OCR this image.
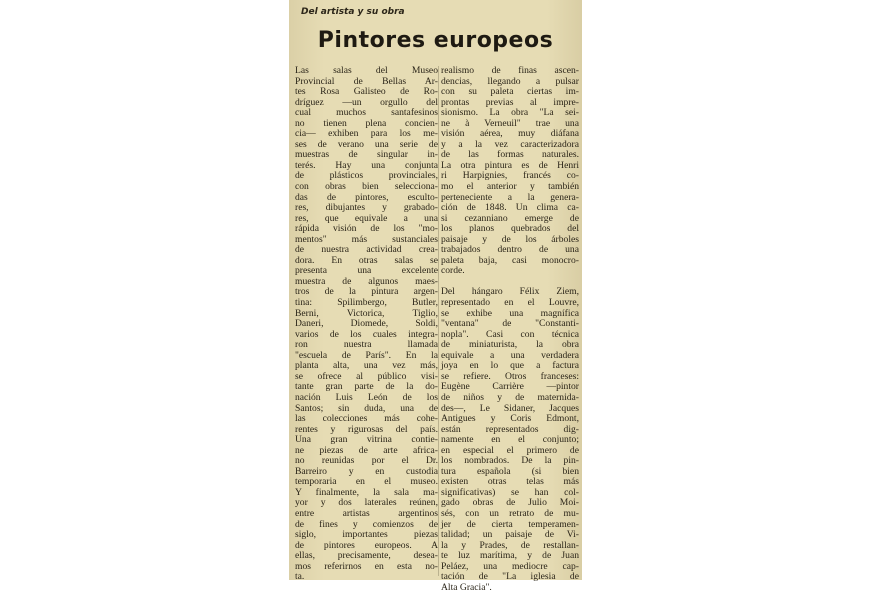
Del artista y su obra
Pintores europeos
Las salas del Museo
Provincial de Bellas Ar-
tes Rosa Galisteo de Ro-
dríguez —un orgullo del
cual muchos santafesinos
no tienen plena concien-
cia— exhiben para los me-
ses de verano una serie de
muestras de singular in-
terés. Hay una conjunta
de plásticos provinciales,
con obras bien selecciona-
das de pintores, esculto-
res, dibujantes y grabado-
res, que equivale a una
rápida visión de los "mo-
mentos" más sustanciales
de nuestra actividad crea-
dora. En otras salas se
presenta una excelente
muestra de algunos maes-
tros de la pintura argen-
tina: Spilimbergo, Butler,
Berni, Victorica, Tiglio,
Daneri, Diomede, Soldi,
varios de los cuales integra-
ron nuestra llamada
"escuela de París". En la
planta alta, una vez más,
se ofrece al público visi-
tante gran parte de la do-
nación Luis León de los
Santos; sin duda, una de
las colecciones más cohe-
rentes y rigurosas del país.
Una gran vitrina contie-
ne piezas de arte africa-
no reunidas por el Dr.
Barreiro y en custodia
temporaria en el museo.
Y finalmente, la sala ma-
yor y dos laterales reúnen,
entre artistas argentinos
de fines y comienzos de
siglo, importantes piezas
de pintores europeos. A
ellas, precisamente, desea-
mos referirnos en esta no-
ta.
realismo de finas ascen-
dencias, llegando a pulsar
con su paleta ciertas im-
prontas previas al impre-
sionismo. La obra "La sei-
ne à Verneuil" trae una
visión aérea, muy diáfana
y a la vez caracterizadora
de las formas naturales.
La otra pintura es de Henri
ri Harpignies, francés co-
mo el anterior y también
perteneciente a la genera-
ción de 1848. Un clima ca-
si cezanniano emerge de
los planos quebrados del
paisaje y de los árboles
trabajados dentro de una
paleta baja, casi monocro-
corde.
Del hángaro Félix Ziem,
representado en el Louvre,
se exhibe una magnífica
"ventana" de "Constanti-
nopla". Casi con técnica
de miniaturista, la obra
equivale a una verdadera
joya en lo que a factura
se refiere. Otros franceses:
Eugène Carrière —pintor
de niños y de maternida-
des—, Le Sidaner, Jacques
Antigues y Coris Edmont,
están representados dig-
namente en el conjunto;
en especial el primero de
los nombrados. De la pin-
tura española (si bien
existen otras telas más
significativas) se han col-
gado obras de Julio Moi-
sés, con un retrato de mu-
jer de cierta temperamen-
talidad; un paisaje de Vi-
la y Prades, de restallan-
te luz marítima, y de Juan
Peláez, una mediocre cap-
tación de "La iglesia de
Alta Gracia".
